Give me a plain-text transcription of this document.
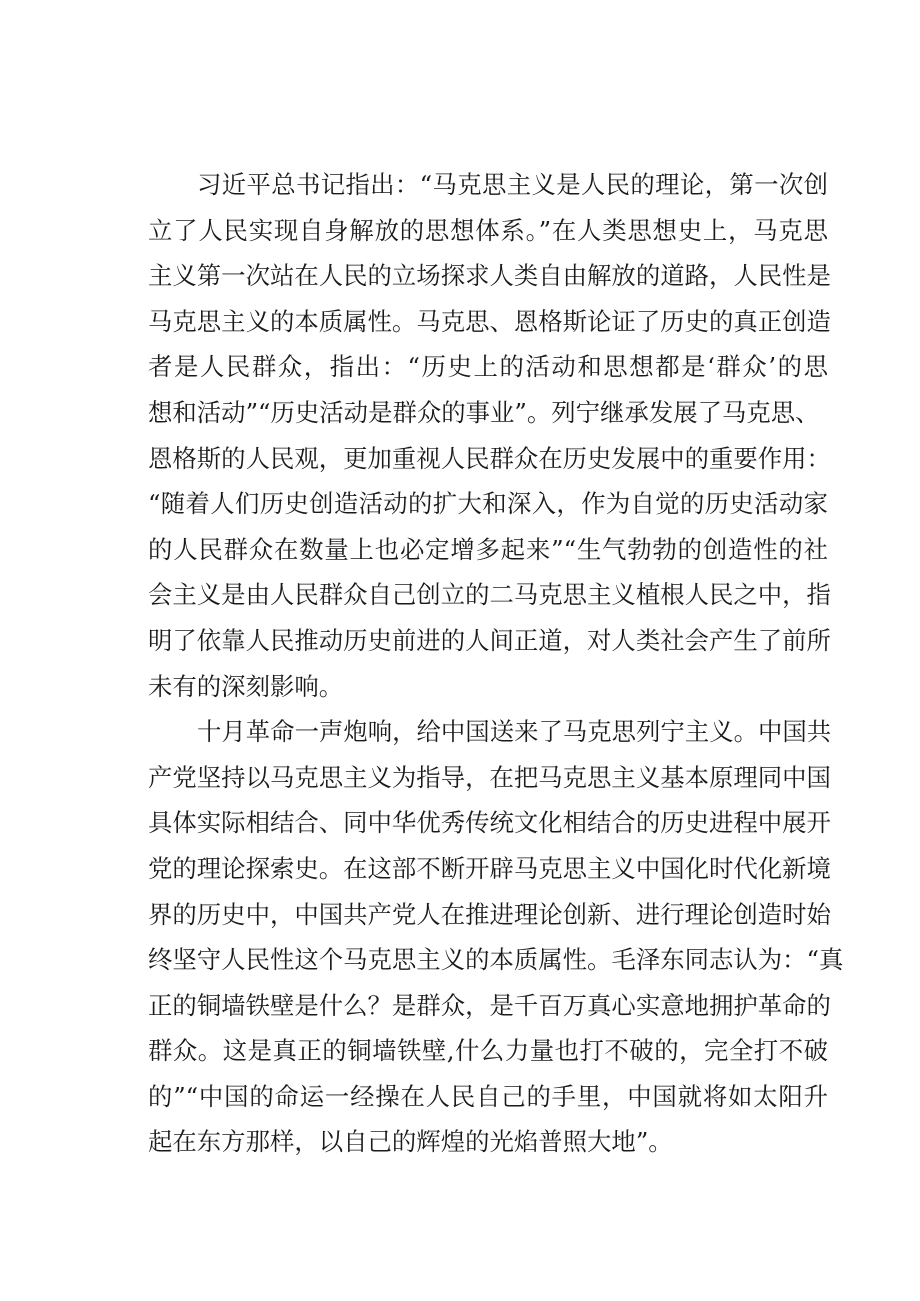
习近平总书记指出：“马克思主义是人民的理论，第一次创
立了人民实现自身解放的思想体系。”在人类思想史上，马克思
主义第一次站在人民的立场探求人类自由解放的道路，人民性是
马克思主义的本质属性。马克思、恩格斯论证了历史的真正创造
者是人民群众，指出：“历史上的活动和思想都是‘群众’的思
想和活动”“历史活动是群众的事业”。列宁继承发展了马克思、
恩格斯的人民观，更加重视人民群众在历史发展中的重要作用：
“随着人们历史创造活动的扩大和深入，作为自觉的历史活动家
的人民群众在数量上也必定增多起来”“生气勃勃的创造性的社
会主义是由人民群众自己创立的二马克思主义植根人民之中，指
明了依靠人民推动历史前进的人间正道，对人类社会产生了前所
未有的深刻影响。
十月革命一声炮响，给中国送来了马克思列宁主义。中国共
产党坚持以马克思主义为指导，在把马克思主义基本原理同中国
具体实际相结合、同中华优秀传统文化相结合的历史进程中展开
党的理论探索史。在这部不断开辟马克思主义中国化时代化新境
界的历史中，中国共产党人在推进理论创新、进行理论创造时始
终坚守人民性这个马克思主义的本质属性。毛泽东同志认为：“真
正的铜墙铁壁是什么？是群众，是千百万真心实意地拥护革命的
群众。这是真正的铜墙铁壁,什么力量也打不破的，完全打不破
的”“中国的命运一经操在人民自己的手里，中国就将如太阳升
起在东方那样，以自己的辉煌的光焰普照大地”。
